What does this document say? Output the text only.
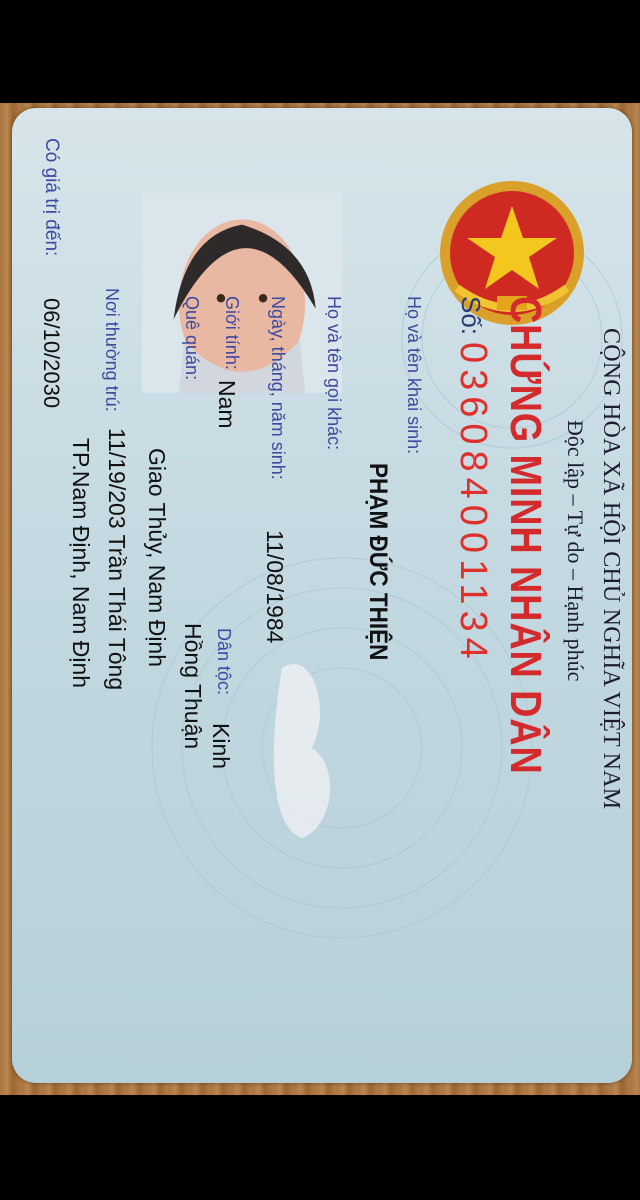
CỘNG HÒA XÃ HỘI CHỦ NGHĨA VIỆT NAM
Độc lập – Tự do – Hạnh phúc
CHỨNG MINH NHÂN DÂN
Số:
036084001134
Họ và tên khai sinh:
PHẠM ĐỨC THIỆN
Họ và tên gọi khác:
Ngày, tháng, năm sinh:
11/08/1984
Giới tính:
Nam
Dân tộc:
Kinh
Quê quán:
Hồng Thuận
Giao Thủy, Nam Định
Nơi thường trú:
11/19/203 Trần Thái Tông
TP.Nam Định, Nam Định
Có giá trị đến:
06/10/2030
